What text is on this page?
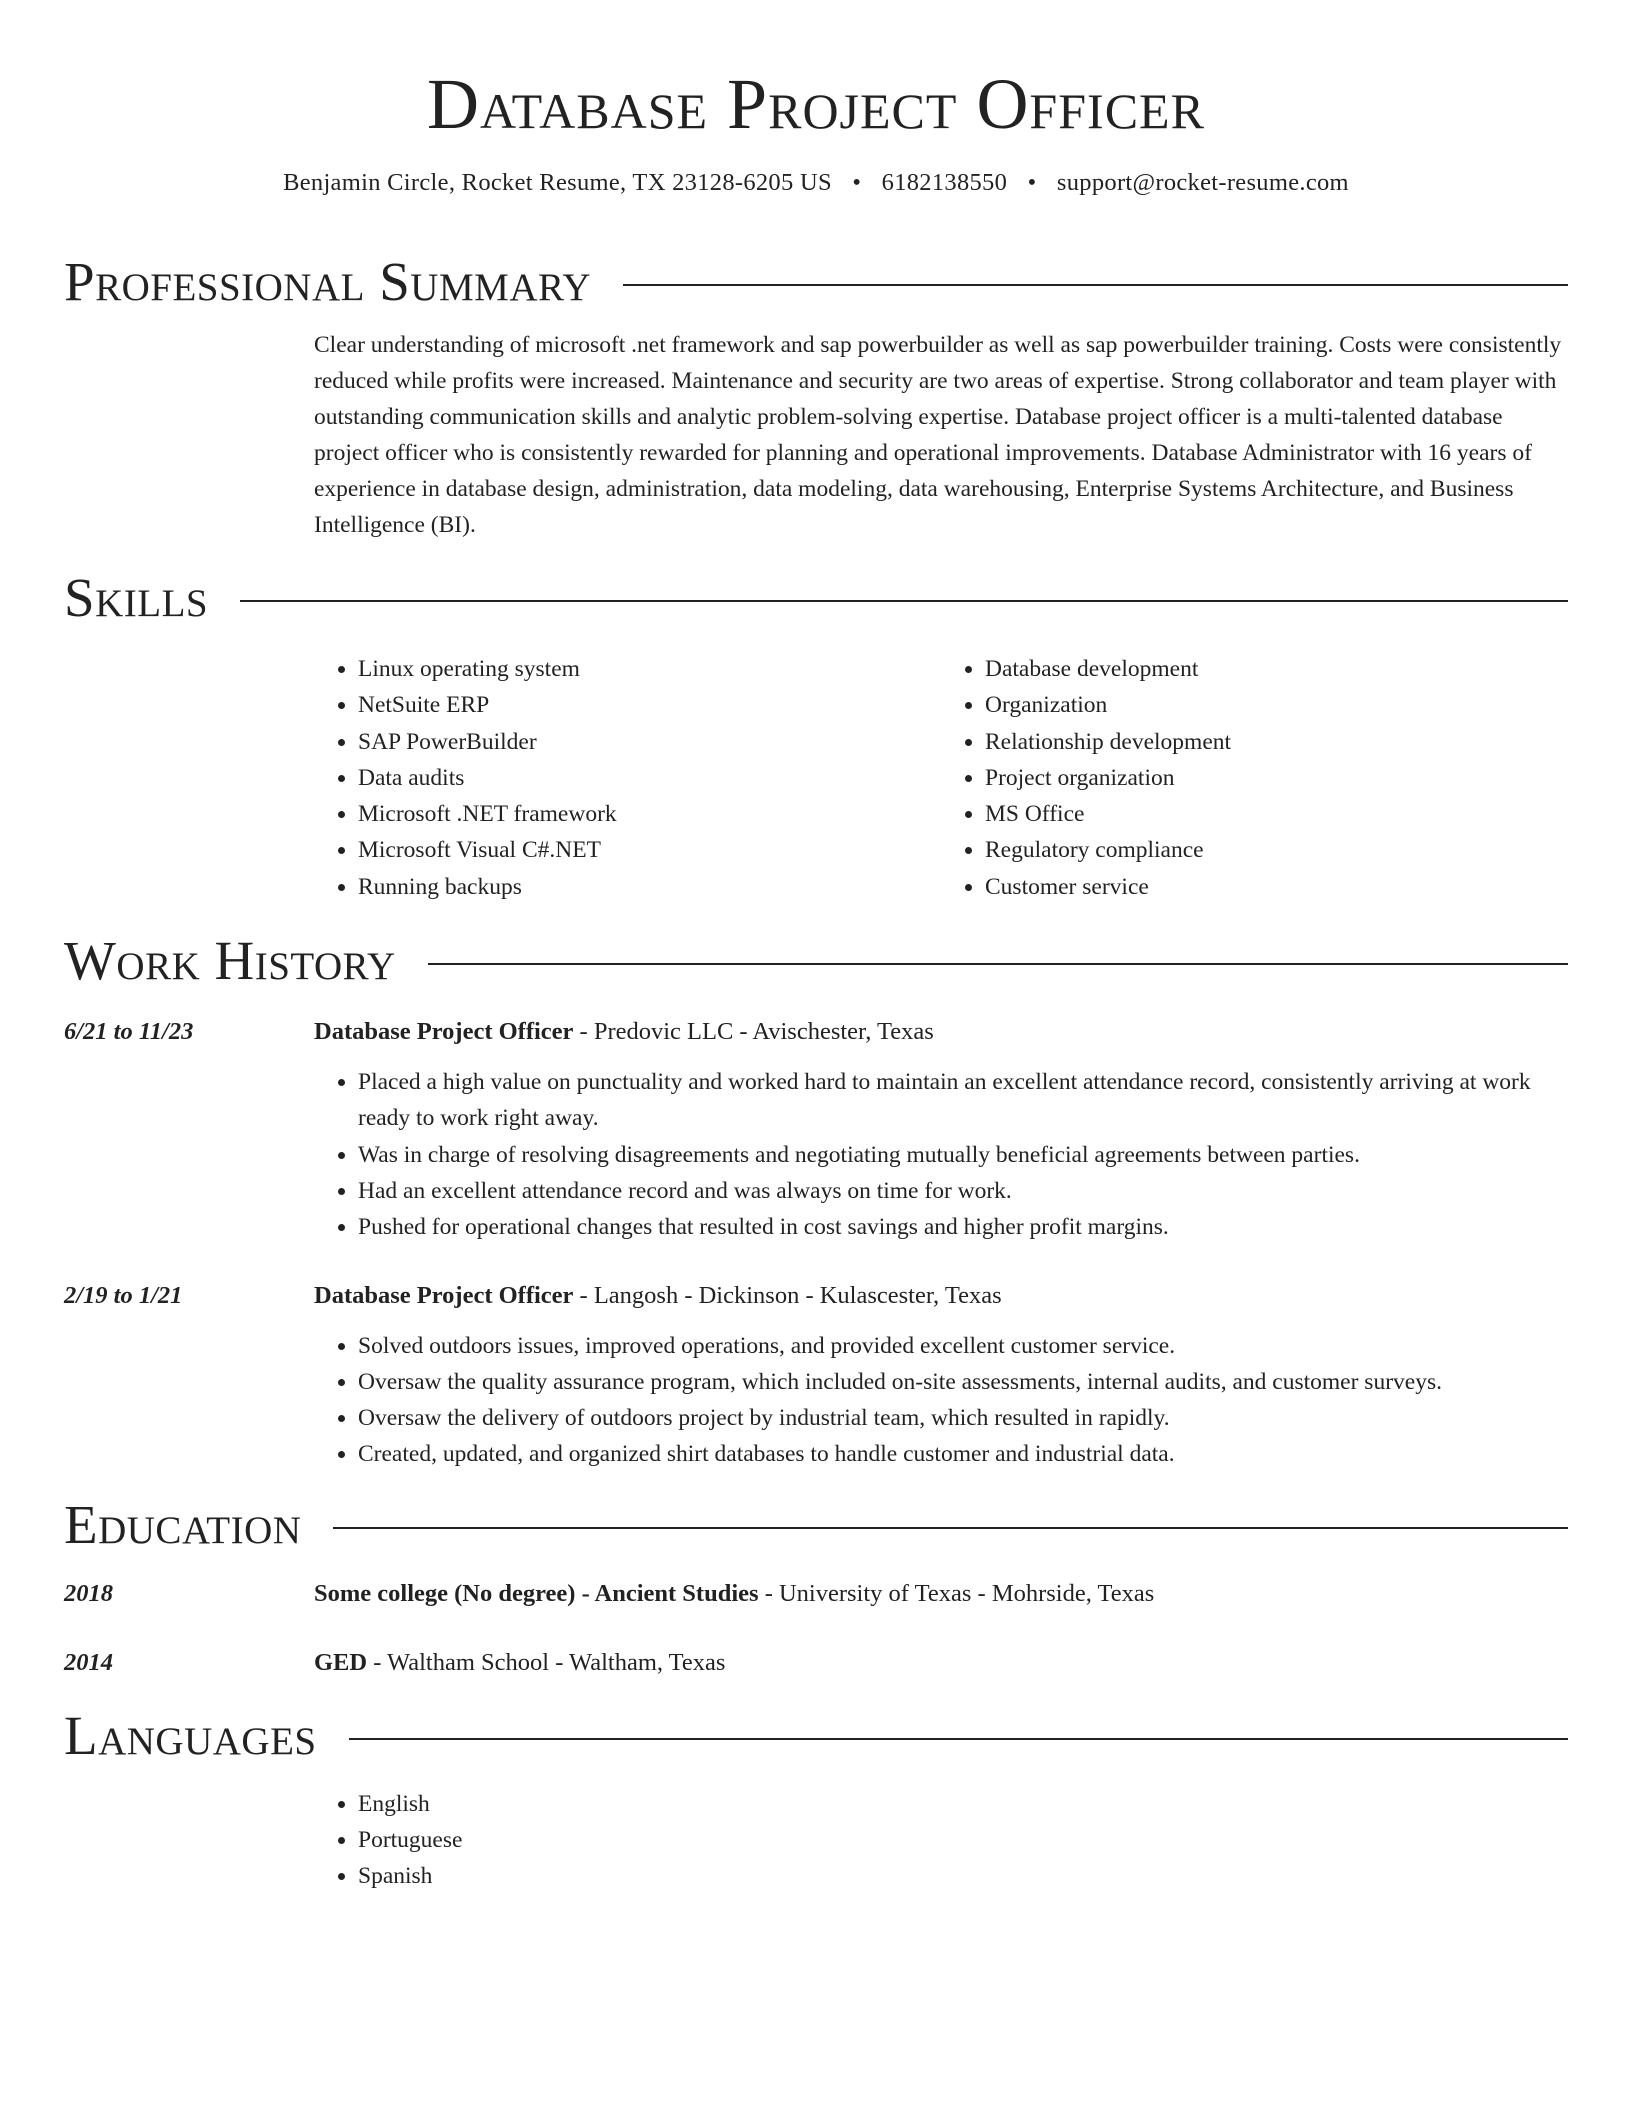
Database Project Officer
Benjamin Circle, Rocket Resume, TX 23128-6205 US • 6182138550 • support@rocket-resume.com
Professional Summary
Clear understanding of microsoft .net framework and sap powerbuilder as well as sap powerbuilder training. Costs were consistently reduced while profits were increased. Maintenance and security are two areas of expertise. Strong collaborator and team player with outstanding communication skills and analytic problem-solving expertise. Database project officer is a multi-talented database project officer who is consistently rewarded for planning and operational improvements. Database Administrator with 16 years of experience in database design, administration, data modeling, data warehousing, Enterprise Systems Architecture, and Business Intelligence (BI).
Skills
• Linux operating system
• NetSuite ERP
• SAP PowerBuilder
• Data audits
• Microsoft .NET framework
• Microsoft Visual C#.NET
• Running backups
• Database development
• Organization
• Relationship development
• Project organization
• MS Office
• Regulatory compliance
• Customer service
Work History
6/21 to 11/23	Database Project Officer - Predovic LLC - Avischester, Texas
• Placed a high value on punctuality and worked hard to maintain an excellent attendance record, consistently arriving at work ready to work right away.
• Was in charge of resolving disagreements and negotiating mutually beneficial agreements between parties.
• Had an excellent attendance record and was always on time for work.
• Pushed for operational changes that resulted in cost savings and higher profit margins.
2/19 to 1/21	Database Project Officer - Langosh - Dickinson - Kulascester, Texas
• Solved outdoors issues, improved operations, and provided excellent customer service.
• Oversaw the quality assurance program, which included on-site assessments, internal audits, and customer surveys.
• Oversaw the delivery of outdoors project by industrial team, which resulted in rapidly.
• Created, updated, and organized shirt databases to handle customer and industrial data.
Education
2018	Some college (No degree) - Ancient Studies - University of Texas - Mohrside, Texas
2014	GED - Waltham School - Waltham, Texas
Languages
• English
• Portuguese
• Spanish
